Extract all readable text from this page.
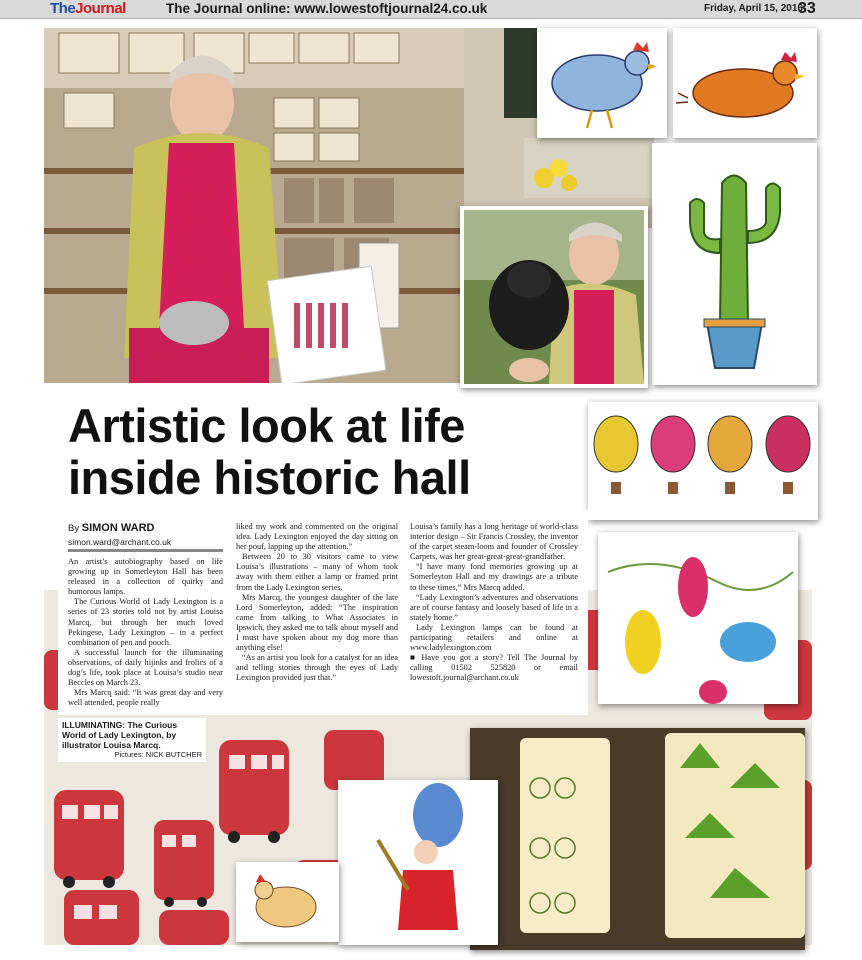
TheJournal	The Journal online: www.lowestoftjournal24.co.uk	Friday, April 15, 2016
33
Artistic look at life
inside historic hall
By SIMON WARD
simon.ward@archant.co.uk

An artist’s autobiography based on life growing up in Somerleyton Hall has been released in a collection of quirky and humorous lamps.

The Curious World of Lady Lexington is a series of 23 stories told not by artist Louisa Marcq, but through her much loved Pekingese, Lady Lexington – in a perfect combination of pen and pooch.

A successful launch for the illuminating observations, of daily hijinks and frolics of a dog’s life, took place at Louisa’s studio near Beccles on March 23.

Mrs Marcq said: “It was great day and very well attended, people really

liked my work and commented on the original idea. Lady Lexington enjoyed the day sitting on her pouf, lapping up the attention.”

Between 20 to 30 visitors came to view Louisa’s illustrations – many of whom took away with them either a lamp or framed print from the Lady Lexington series.

Mrs Marcq, the youngest daughter of the late Lord Somerleyton, added: “The inspiration came from talking to What Associates in Ipswich, they asked me to talk about myself and I must have spoken about my dog more than anything else!

“As an artist you look for a catalyst for an idea and telling stories through the eyes of Lady Lexington provided just that.”

Louisa’s family has a long heritage of world-class interior design – Sir Francis Crossley, the inventor of the carpet steam-loom and founder of Crossley Carpets, was her great-great-great-grandfather.

“I have many fond memories growing up at Somerleyton Hall and my drawings are a tribute to these times,” Mrs Marcq added.

“Lady Lexington’s adventures and observations are of course fantasy and loosely based of life in a stately home.”

Lady Lexington lamps can be found at participating retailers and online at www.ladylexington.com

■ Have you got a story? Tell The Journal by calling 01502 525820 or email lowestoft.journal@archant.co.uk

ILLUMINATING: The Curious World of Lady Lexington, by illustrator Louisa Marcq.
Pictures: NICK BUTCHER
